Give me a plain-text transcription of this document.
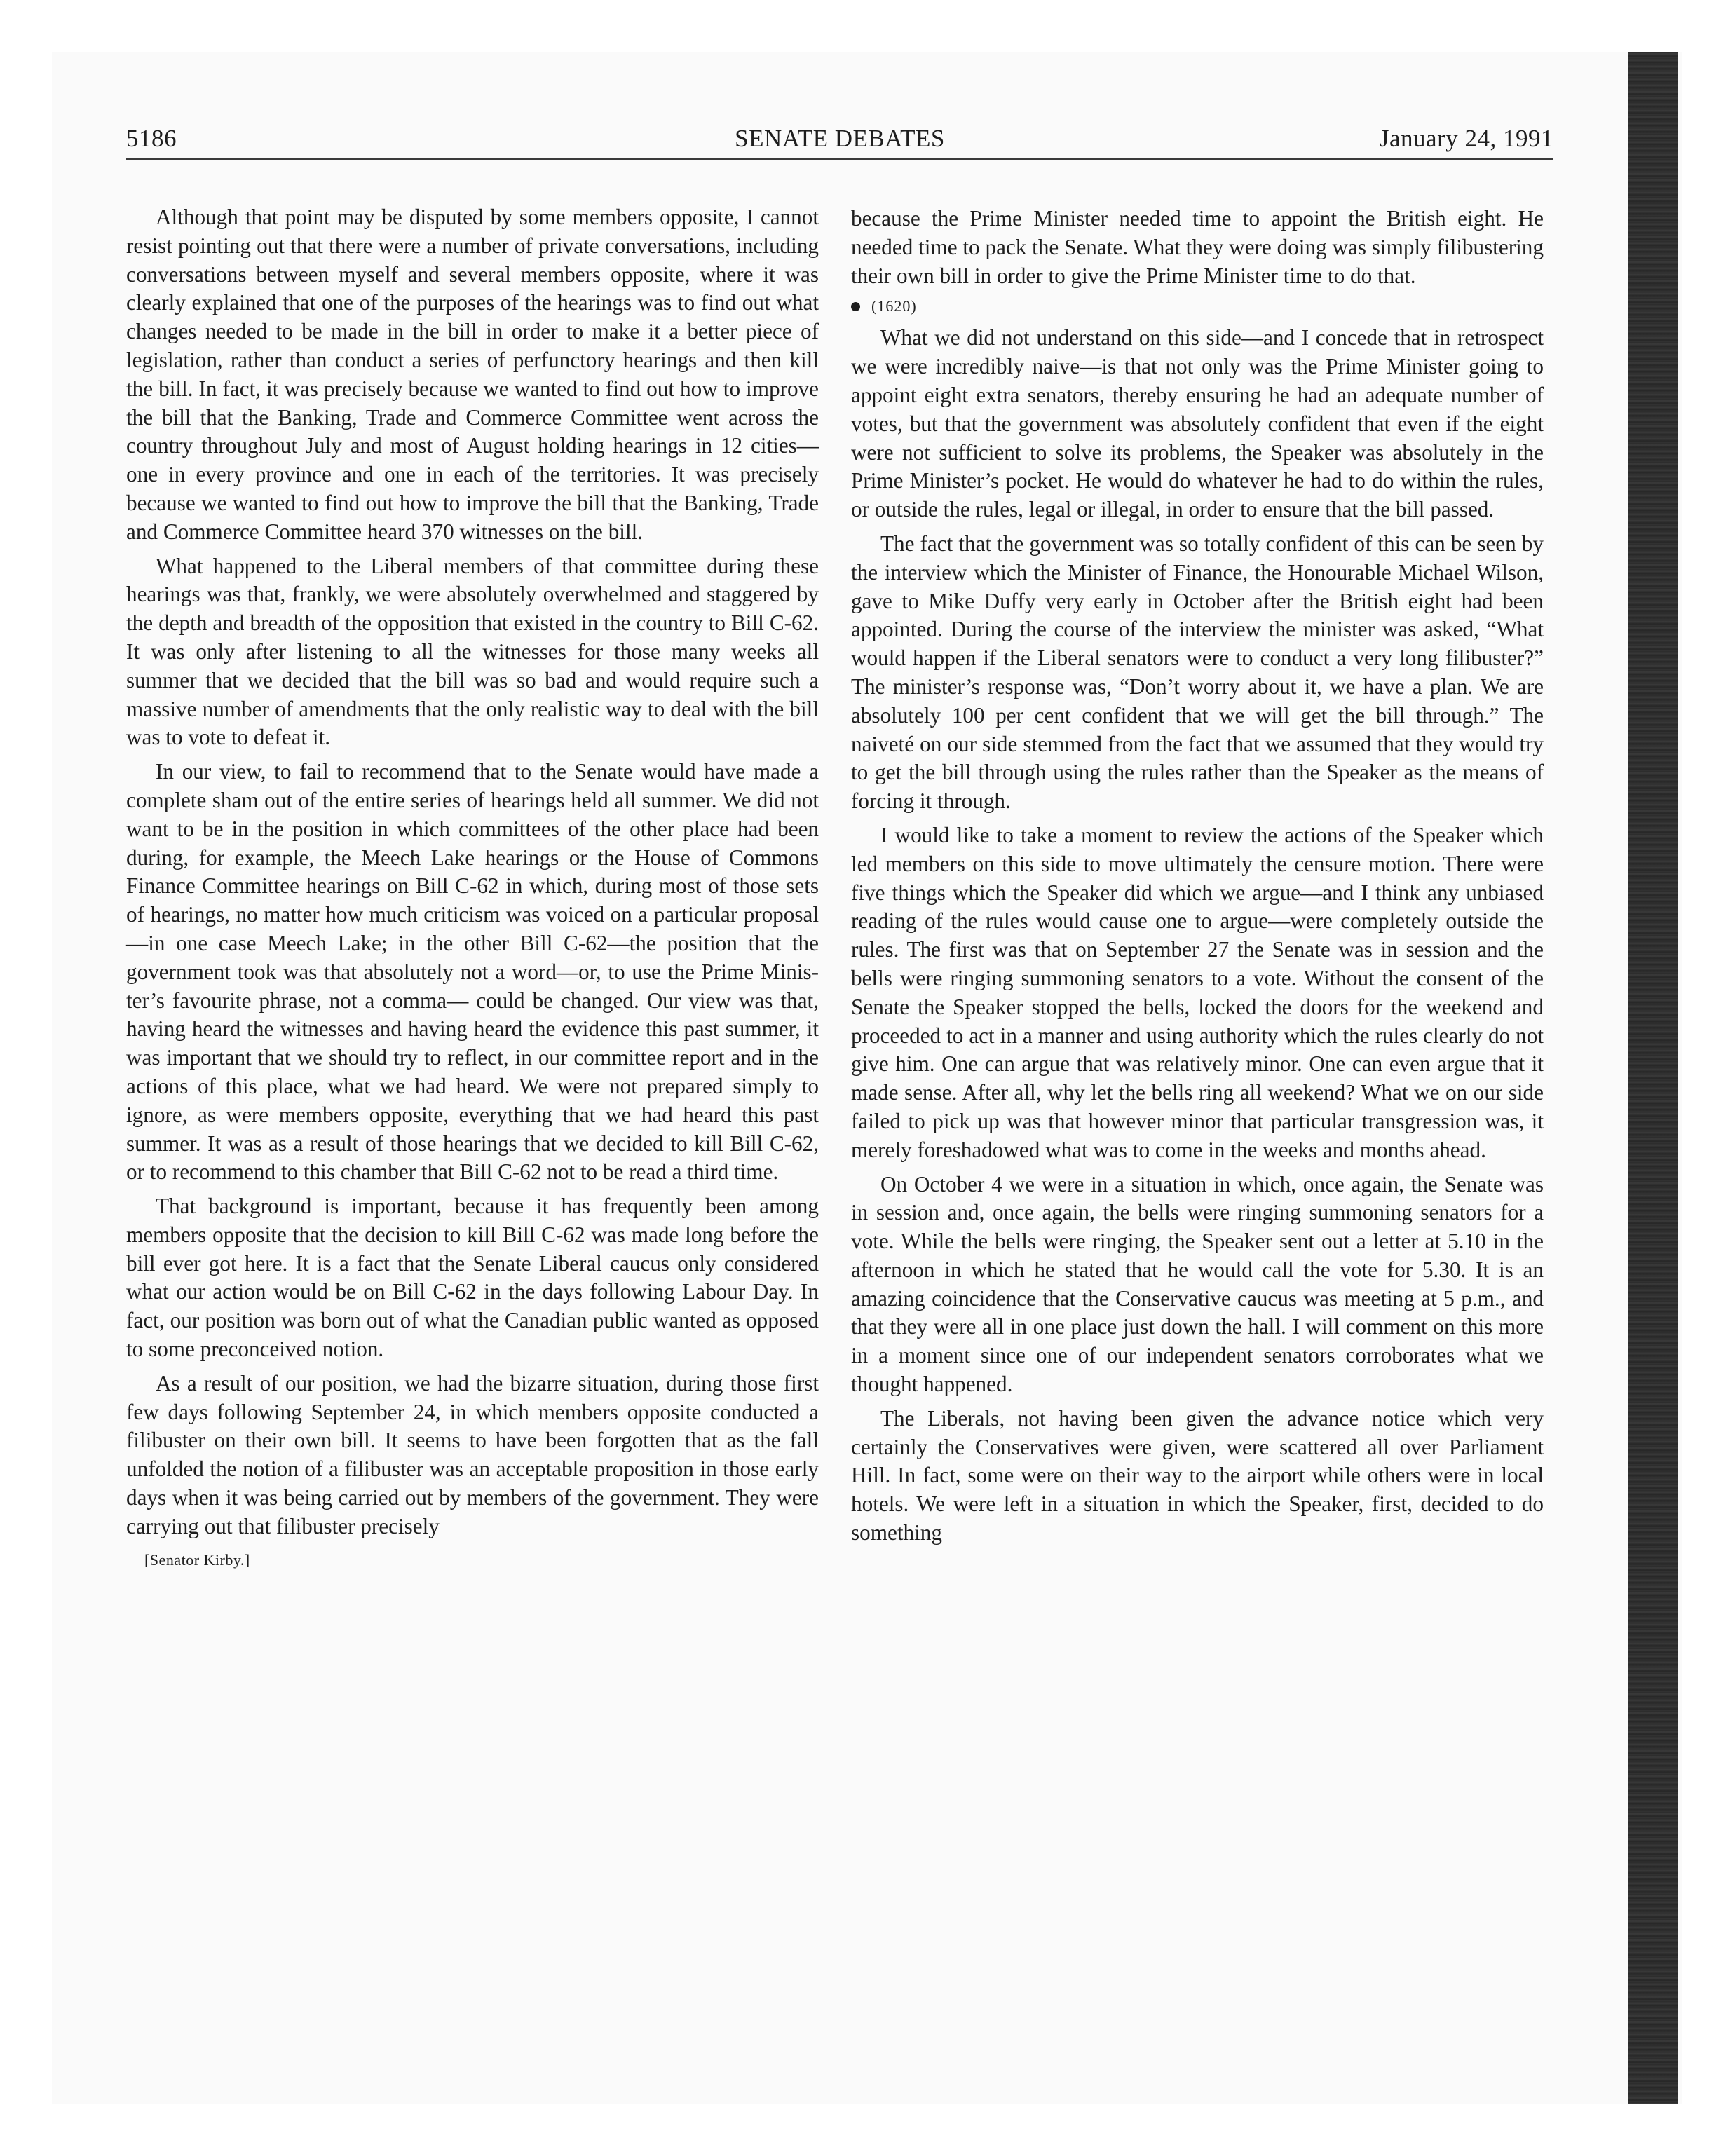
SENATE DEBATES
5186	January 24, 1991

Although that point may be disputed by some members opposite, I cannot resist pointing out that there were a number of private conversations, including conversations between myself and several members opposite, where it was clearly explained that one of the purposes of the hearings was to find out what changes needed to be made in the bill in order to make it a better piece of legislation, rather than conduct a series of perfunctory hearings and then kill the bill. In fact, it was precisely because we wanted to find out how to improve the bill that the Banking, Trade and Commerce Committee went across the country throughout July and most of August holding hearings in 12 cities—one in every province and one in each of the territories. It was precisely because we wanted to find out how to improve the bill that the Banking, Trade and Commerce Committee heard 370 witnesses on the bill.

What happened to the Liberal members of that committee during these hearings was that, frankly, we were absolutely overwhelmed and staggered by the depth and breadth of the opposition that existed in the country to Bill C-62. It was only after listening to all the witnesses for those many weeks all summer that we decided that the bill was so bad and would require such a massive number of amendments that the only realistic way to deal with the bill was to vote to defeat it.

In our view, to fail to recommend that to the Senate would have made a complete sham out of the entire series of hearings held all summer. We did not want to be in the position in which committees of the other place had been during, for example, the Meech Lake hearings or the House of Commons Finance Committee hearings on Bill C-62 in which, during most of those sets of hearings, no matter how much criticism was voiced on a particular proposal—in one case Meech Lake; in the other Bill C-62—the position that the government took was that absolutely not a word—or, to use the Prime Minister’s favourite phrase, not a comma— could be changed. Our view was that, having heard the witnesses and having heard the evidence this past summer, it was important that we should try to reflect, in our committee report and in the actions of this place, what we had heard. We were not prepared simply to ignore, as were members opposite, everything that we had heard this past summer. It was as a result of those hearings that we decided to kill Bill C-62, or to recommend to this chamber that Bill C-62 not to be read a third time.

That background is important, because it has frequently been among members opposite that the decision to kill Bill C-62 was made long before the bill ever got here. It is a fact that the Senate Liberal caucus only considered what our action would be on Bill C-62 in the days following Labour Day. In fact, our position was born out of what the Canadian public wanted as opposed to some preconceived notion.

As a result of our position, we had the bizarre situation, during those first few days following September 24, in which members opposite conducted a filibuster on their own bill. It seems to have been forgotten that as the fall unfolded the notion of a filibuster was an acceptable proposition in those early days when it was being carried out by members of the government. They were carrying out that filibuster precisely

[Senator Kirby.]

because the Prime Minister needed time to appoint the British eight. He needed time to pack the Senate. What they were doing was simply filibustering their own bill in order to give the Prime Minister time to do that.

(1620)

What we did not understand on this side—and I concede that in retrospect we were incredibly naive—is that not only was the Prime Minister going to appoint eight extra senators, thereby ensuring he had an adequate number of votes, but that the government was absolutely confident that even if the eight were not sufficient to solve its problems, the Speaker was absolutely in the Prime Minister’s pocket. He would do whatever he had to do within the rules, or outside the rules, legal or illegal, in order to ensure that the bill passed.

The fact that the government was so totally confident of this can be seen by the interview which the Minister of Finance, the Honourable Michael Wilson, gave to Mike Duffy very early in October after the British eight had been appointed. During the course of the interview the minister was asked, “What would happen if the Liberal senators were to conduct a very long filibuster?” The minister’s response was, “Don’t worry about it, we have a plan. We are absolutely 100 per cent confident that we will get the bill through.” The naiveté on our side stemmed from the fact that we assumed that they would try to get the bill through using the rules rather than the Speaker as the means of forcing it through.

I would like to take a moment to review the actions of the Speaker which led members on this side to move ultimately the censure motion. There were five things which the Speaker did which we argue—and I think any unbiased reading of the rules would cause one to argue—were completely outside the rules. The first was that on September 27 the Senate was in session and the bells were ringing summoning senators to a vote. Without the consent of the Senate the Speaker stopped the bells, locked the doors for the weekend and proceeded to act in a manner and using authority which the rules clearly do not give him. One can argue that was relatively minor. One can even argue that it made sense. After all, why let the bells ring all weekend? What we on our side failed to pick up was that however minor that particular transgression was, it merely foreshadowed what was to come in the weeks and months ahead.

On October 4 we were in a situation in which, once again, the Senate was in session and, once again, the bells were ringing summoning senators for a vote. While the bells were ringing, the Speaker sent out a letter at 5.10 in the afternoon in which he stated that he would call the vote for 5.30. It is an amazing coincidence that the Conservative caucus was meeting at 5 p.m., and that they were all in one place just down the hall. I will comment on this more in a moment since one of our independent senators corroborates what we thought happened.

The Liberals, not having been given the advance notice which very certainly the Conservatives were given, were scattered all over Parliament Hill. In fact, some were on their way to the airport while others were in local hotels. We were left in a situation in which the Speaker, first, decided to do something
